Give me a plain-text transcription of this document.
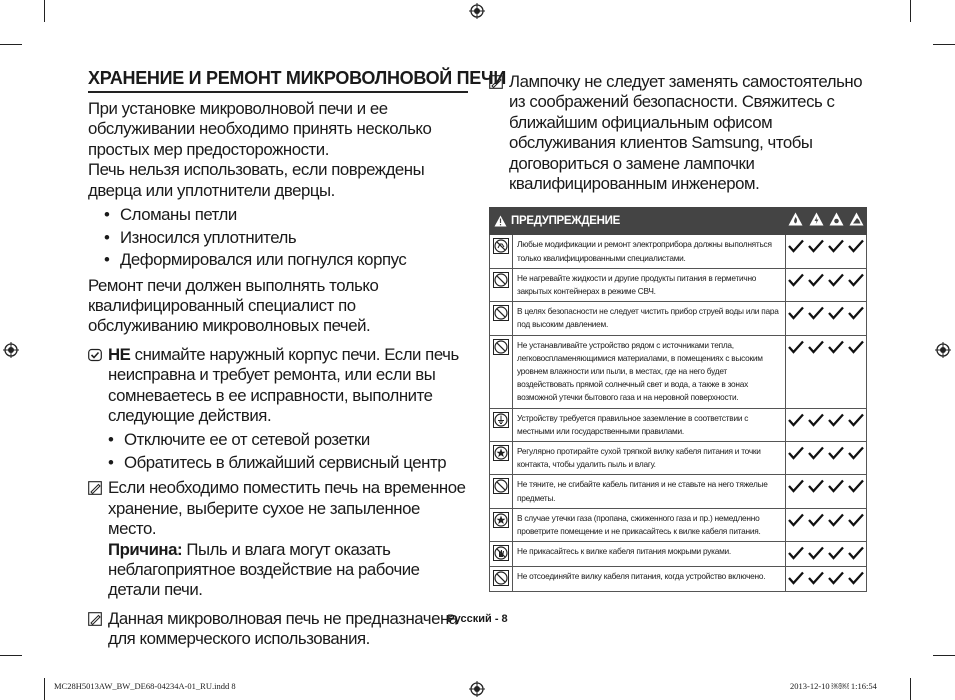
ХРАНЕНИЕ И РЕМОНТ МИКРОВОЛНОВОЙ ПЕЧИ

При установке микроволновой печи и ее обслуживании необходимо принять несколько простых мер предосторожности.

Печь нельзя использовать, если повреждены дверца или уплотнители дверцы.

• Сломаны петли
• Износился уплотнитель
• Деформировался или погнулся корпус

Ремонт печи должен выполнять только квалифицированный специалист по обслуживанию микроволновых печей.

НЕ снимайте наружный корпус печи. Если печь неисправна и требует ремонта, или если вы сомневаетесь в ее исправности, выполните следующие действия.
• Отключите ее от сетевой розетки
• Обратитесь в ближайший сервисный центр
Если необходимо поместить печь на временное хранение, выберите сухое не запыленное место.
Причина: Пыль и влага могут оказать неблагоприятное воздействие на рабочие детали печи.
Данная микроволновая печь не предназначена для коммерческого использования.
Лампочку не следует заменять самостоятельно из соображений безопасности. Свяжитесь с ближайшим официальным офисом обслуживания клиентов Samsung, чтобы договориться о замене лампочки квалифицированным инженером.
ПРЕДУПРЕЖДЕНИЕ

	Любые модификации и ремонт электроприбора должны выполняться только квалифицированными специалистами.				
	Не нагревайте жидкости и другие продукты питания в герметично закрытых контейнерах в режиме СВЧ.				
	В целях безопасности не следует чистить прибор струей воды или пара под высоким давлением.				
	Не устанавливайте устройство рядом с источниками тепла, легковоспламеняющимися материалами, в помещениях с высоким уровнем влажности или пыли, в местах, где на него будет воздействовать прямой солнечный свет и вода, а также в зонах возможной утечки бытового газа и на неровной поверхности.				
	Устройству требуется правильное заземление в соответствии с местными или государственными правилами.				
	Регулярно протирайте сухой тряпкой вилку кабеля питания и точки контакта, чтобы удалить пыль и влагу.				
	Не тяните, не сгибайте кабель питания и не ставьте на него тяжелые предметы.				
	В случае утечки газа (пропана, сжиженного газа и пр.) немедленно проветрите помещение и не прикасайтесь к вилке кабеля питания.				
	Не прикасайтесь к вилке кабеля питания мокрыми руками.				
	Не отсоединяйте вилку кабеля питания, когда устройство включено.				
Русский - 8
MC28H5013AW_BW_DE68-04234A-01_RU.indd 8	2013-12-10 ￼￼ 1:16:54
